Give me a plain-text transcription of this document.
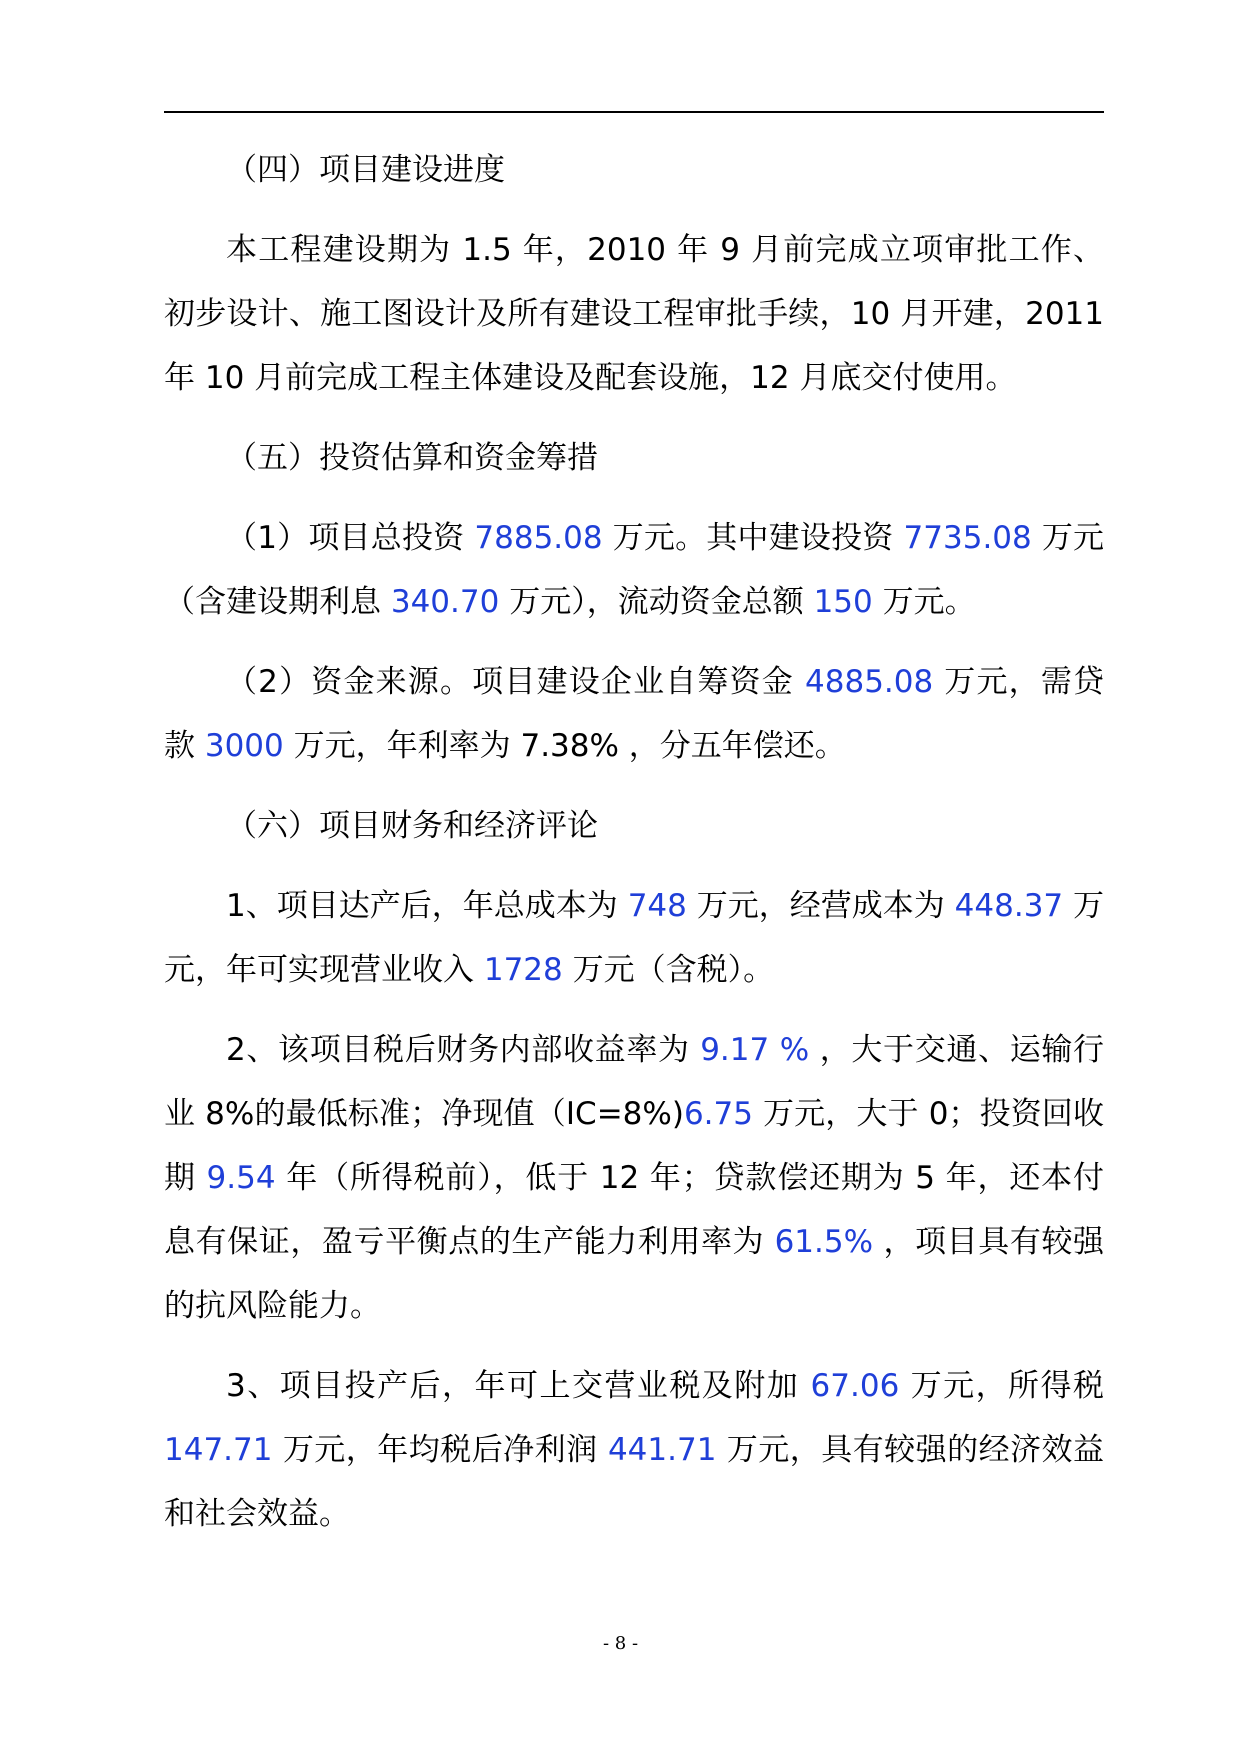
（四）项目建设进度
本工程建设期为 1.5 年，2010 年 9 月前完成立项审批工作、初步设计、施工图设计及所有建设工程审批手续，10 月开建，2011 年 10 月前完成工程主体建设及配套设施，12 月底交付使用。
（五）投资估算和资金筹措
（1）项目总投资 7885.08 万元。其中建设投资 7735.08 万元（含建设期利息 340.70 万元），流动资金总额 150 万元。
（2）资金来源。项目建设企业自筹资金 4885.08 万元，需贷款 3000 万元，年利率为 7.38% ，分五年偿还。
（六）项目财务和经济评论
1、项目达产后，年总成本为 748 万元，经营成本为 448.37 万元，年可实现营业收入 1728 万元（含税）。
2、该项目税后财务内部收益率为 9.17 % ，大于交通、运输行业 8%的最低标准；净现值（IC=8%)6.75 万元，大于 0；投资回收期 9.54 年（所得税前），低于 12 年；贷款偿还期为 5 年，还本付息有保证，盈亏平衡点的生产能力利用率为 61.5% ，项目具有较强的抗风险能力。
3、项目投产后，年可上交营业税及附加 67.06 万元，所得税 147.71 万元，年均税后净利润 441.71 万元，具有较强的经济效益和社会效益。
- 8 -
